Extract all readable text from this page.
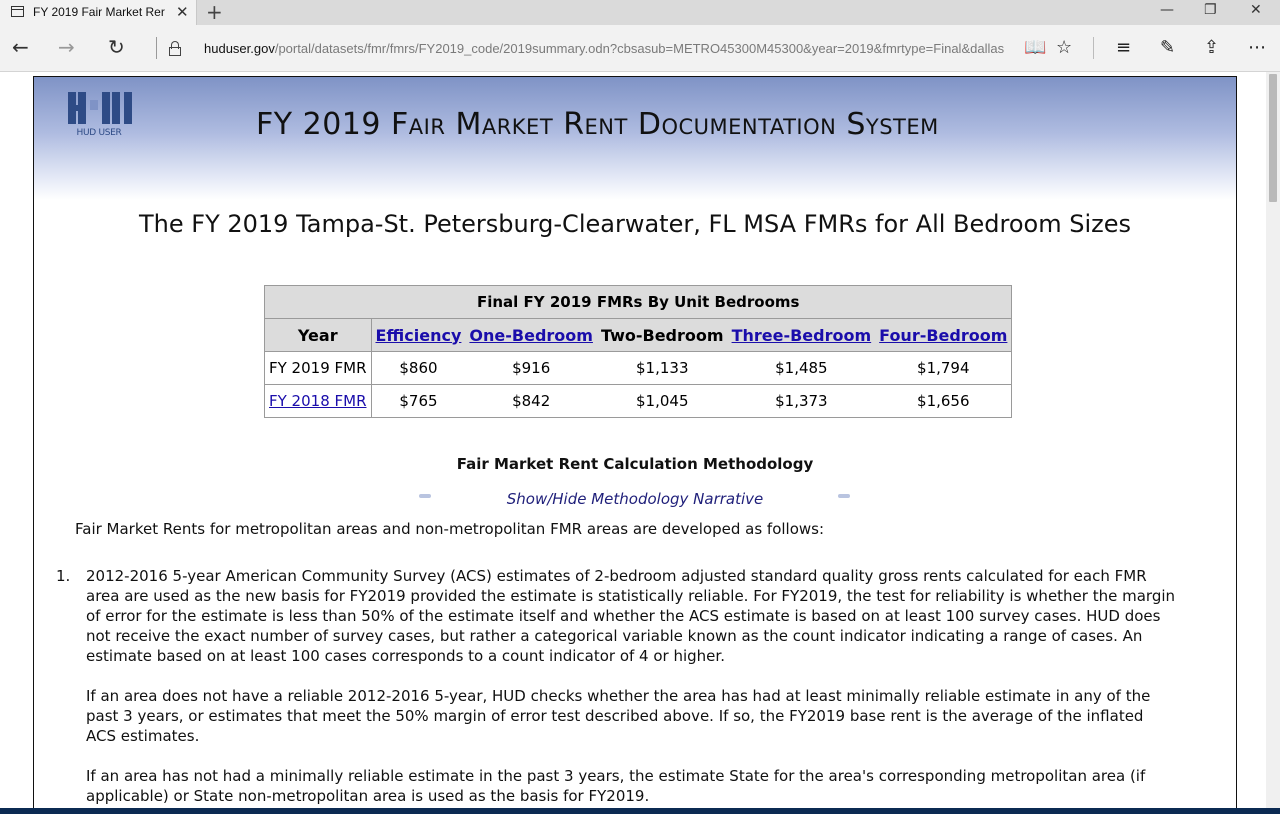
FY 2019 Fair Market Rer ✕ +	— ❐ ✕
← → ↻	huduser.gov/portal/datasets/fmr/fmrs/FY2019_code/2019summary.odn?cbsasub=METRO45300M45300&year=2019&fmrtype=Final&dallas 📖 ☆ ≡ ✎ ⇪ ⋯
HUD USER	FY 2019 Fair Market Rent Documentation System
The FY 2019 Tampa-St. Petersburg-Clearwater, FL MSA FMRs for All Bedroom Sizes
Final FY 2019 FMRs By Unit Bedrooms					
Year	Efficiency	One-Bedroom	Two-Bedroom	Three-Bedroom	Four-Bedroom
FY 2019 FMR	$860	$916	$1,133	$1,485	$1,794
FY 2018 FMR	$765	$842	$1,045	$1,373	$1,656
Fair Market Rent Calculation Methodology
Show/Hide Methodology Narrative
Fair Market Rents for metropolitan areas and non-metropolitan FMR areas are developed as follows:
1. 2012-2016 5-year American Community Survey (ACS) estimates of 2-bedroom adjusted standard quality gross rents calculated for each FMR area are used as the new basis for FY2019 provided the estimate is statistically reliable. For FY2019, the test for reliability is whether the margin of error for the estimate is less than 50% of the estimate itself and whether the ACS estimate is based on at least 100 survey cases. HUD does not receive the exact number of survey cases, but rather a categorical variable known as the count indicator indicating a range of cases. An estimate based on at least 100 cases corresponds to a count indicator of 4 or higher.
If an area does not have a reliable 2012-2016 5-year, HUD checks whether the area has had at least minimally reliable estimate in any of the past 3 years, or estimates that meet the 50% margin of error test described above. If so, the FY2019 base rent is the average of the inflated ACS estimates.
If an area has not had a minimally reliable estimate in the past 3 years, the estimate State for the area's corresponding metropolitan area (if applicable) or State non-metropolitan area is used as the basis for FY2019.
